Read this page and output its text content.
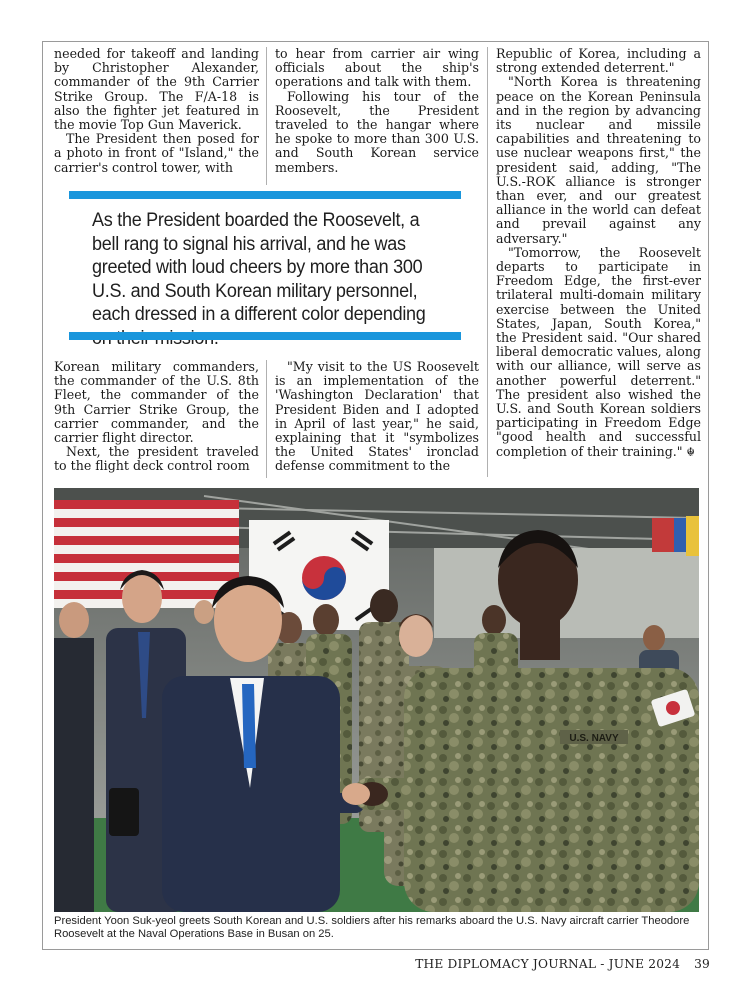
needed for takeoff and landing by Christopher Alexander, commander of the 9th Carrier Strike Group. The F/A-18 is also the fighter jet featured in the movie Top Gun Maverick.

The President then posed for a photo in front of "Island," the carrier's control tower, with

to hear from carrier air wing officials about the ship's operations and talk with them.

Following his tour of the Roosevelt, the President traveled to the hangar where he spoke to more than 300 U.S. and South Korean service members.

Republic of Korea, including a strong extended deterrent."

"North Korea is threatening peace on the Korean Peninsula and in the region by advancing its nuclear and missile capabilities and threatening to use nuclear weapons first," the president said, adding, "The U.S.-ROK alliance is stronger than ever, and our greatest alliance in the world can defeat and prevail against any adversary."

"Tomorrow, the Roosevelt departs to participate in Freedom Edge, the first-ever trilateral multi-domain military exercise between the United States, Japan, South Korea," the President said. "Our shared liberal democratic values, along with our alliance, will serve as another powerful deterrent." The president also wished the U.S. and South Korean soldiers participating in Freedom Edge "good health and successful completion of their training." ☬

As the President boarded the Roosevelt, a bell rang to signal his arrival, and he was greeted with loud cheers by more than 300 U.S. and South Korean military personnel, each dressed in a different color depending

Korean military commanders, the commander of the U.S. 8th Fleet, the commander of the 9th Carrier Strike Group, the carrier commander, and the carrier flight director.

Next, the president traveled to the flight deck control room

"My visit to the US Roosevelt is an implementation of the 'Washington Declaration' that President Biden and I adopted in April of last year," he said, explaining that it "symbolizes the United States' ironclad defense commitment to the

U.S. NAVY
President Yoon Suk-yeol greets South Korean and U.S. soldiers after his remarks aboard the U.S. Navy aircraft carrier Theodore Roosevelt at the Naval Operations Base in Busan on 25.
THE DIPLOMACY JOURNAL - JUNE 2024 39
